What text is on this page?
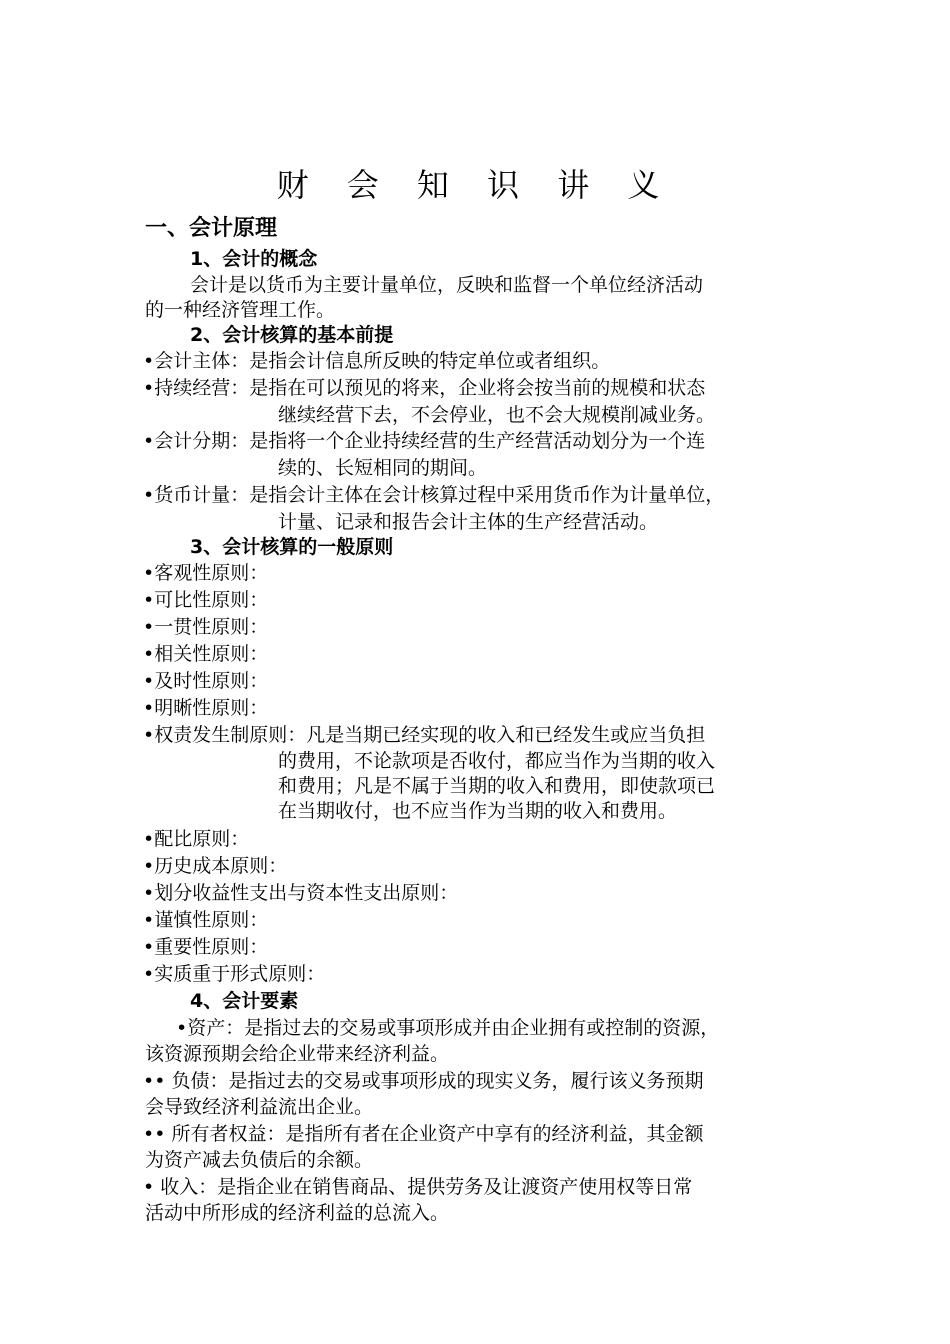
财 会 知 识 讲 义
一、会计原理
1、会计的概念
会计是以货币为主要计量单位，反映和监督一个单位经济活动
的一种经济管理工作。
2、会计核算的基本前提
•会计主体：是指会计信息所反映的特定单位或者组织。
•持续经营：是指在可以预见的将来，企业将会按当前的规模和状态
继续经营下去，不会停业，也不会大规模削减业务。
•会计分期：是指将一个企业持续经营的生产经营活动划分为一个连
续的、长短相同的期间。
•货币计量：是指会计主体在会计核算过程中采用货币作为计量单位，
计量、记录和报告会计主体的生产经营活动。
3、会计核算的一般原则
•客观性原则：
•可比性原则：
•一贯性原则：
•相关性原则：
•及时性原则：
•明晰性原则：
•权责发生制原则：凡是当期已经实现的收入和已经发生或应当负担
的费用，不论款项是否收付，都应当作为当期的收入
和费用；凡是不属于当期的收入和费用，即使款项已
在当期收付，也不应当作为当期的收入和费用。
•配比原则：
•历史成本原则：
•划分收益性支出与资本性支出原则：
•谨慎性原则：
•重要性原则：
•实质重于形式原则：
4、会计要素
•资产：是指过去的交易或事项形成并由企业拥有或控制的资源，
该资源预期会给企业带来经济利益。
•• 负债：是指过去的交易或事项形成的现实义务，履行该义务预期
会导致经济利益流出企业。
•• 所有者权益：是指所有者在企业资产中享有的经济利益，其金额
为资产减去负债后的余额。
• 收入：是指企业在销售商品、提供劳务及让渡资产使用权等日常
活动中所形成的经济利益的总流入。
